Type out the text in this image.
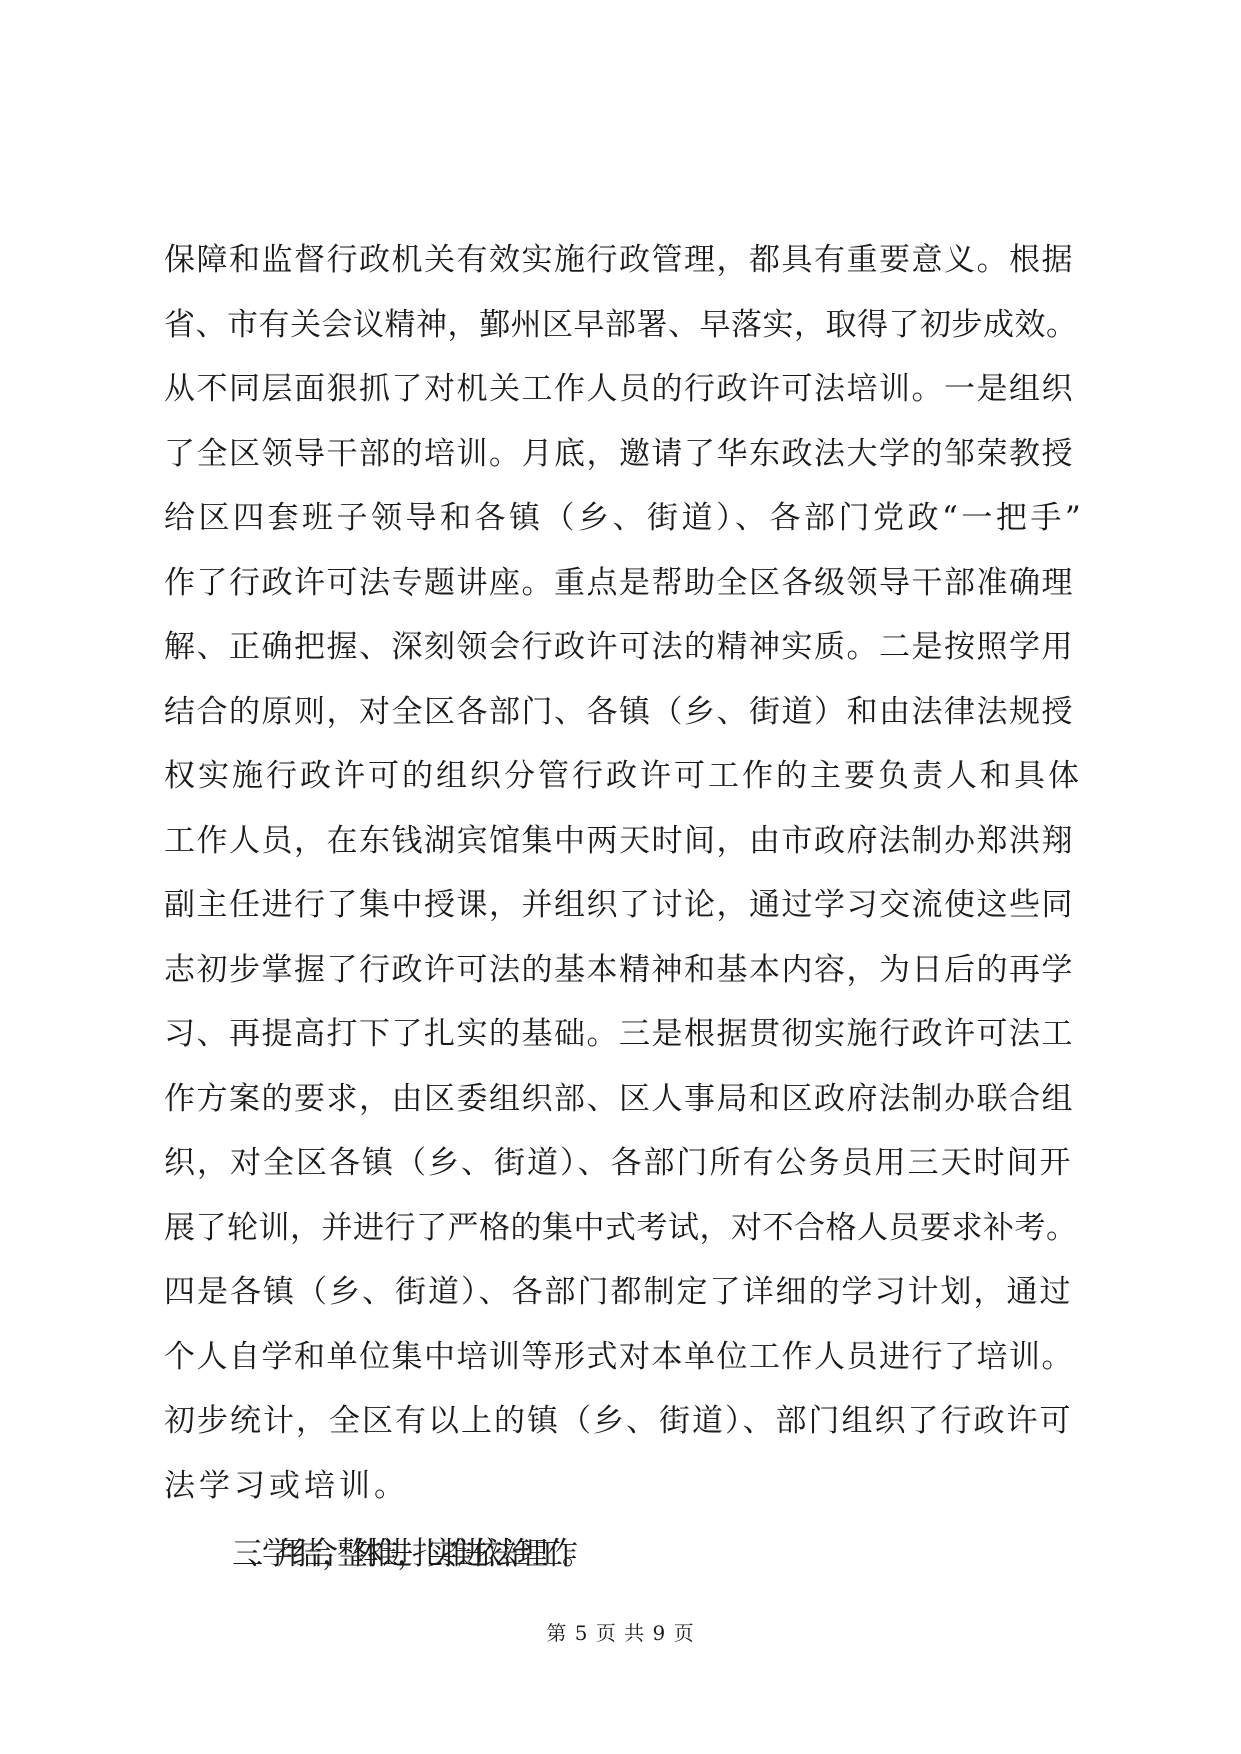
保障和监督行政机关有效实施行政管理，都具有重要意义。根据
省、市有关会议精神，鄞州区早部署、早落实，取得了初步成效。
从不同层面狠抓了对机关工作人员的行政许可法培训。一是组织
了全区领导干部的培训。月底，邀请了华东政法大学的邹荣教授
给区四套班子领导和各镇（乡、街道）、各部门党政“一把手”
作了行政许可法专题讲座。重点是帮助全区各级领导干部准确理
解、正确把握、深刻领会行政许可法的精神实质。二是按照学用
结合的原则，对全区各部门、各镇（乡、街道）和由法律法规授
权实施行政许可的组织分管行政许可工作的主要负责人和具体
工作人员，在东钱湖宾馆集中两天时间，由市政府法制办郑洪翔
副主任进行了集中授课，并组织了讨论，通过学习交流使这些同
志初步掌握了行政许可法的基本精神和基本内容，为日后的再学
习、再提高打下了扎实的基础。三是根据贯彻实施行政许可法工
作方案的要求，由区委组织部、区人事局和区政府法制办联合组
织，对全区各镇（乡、街道）、各部门所有公务员用三天时间开
展了轮训，并进行了严格的集中式考试，对不合格人员要求补考。
四是各镇（乡、街道）、各部门都制定了详细的学习计划，通过
个人自学和单位集中培训等形式对本单位工作人员进行了培训。
初步统计，全区有以上的镇（乡、街道）、部门组织了行政许可
法学习或培训。
三、学用结合，整体推进，扎实推进依法治理工作。
第 5 页 共 9 页
